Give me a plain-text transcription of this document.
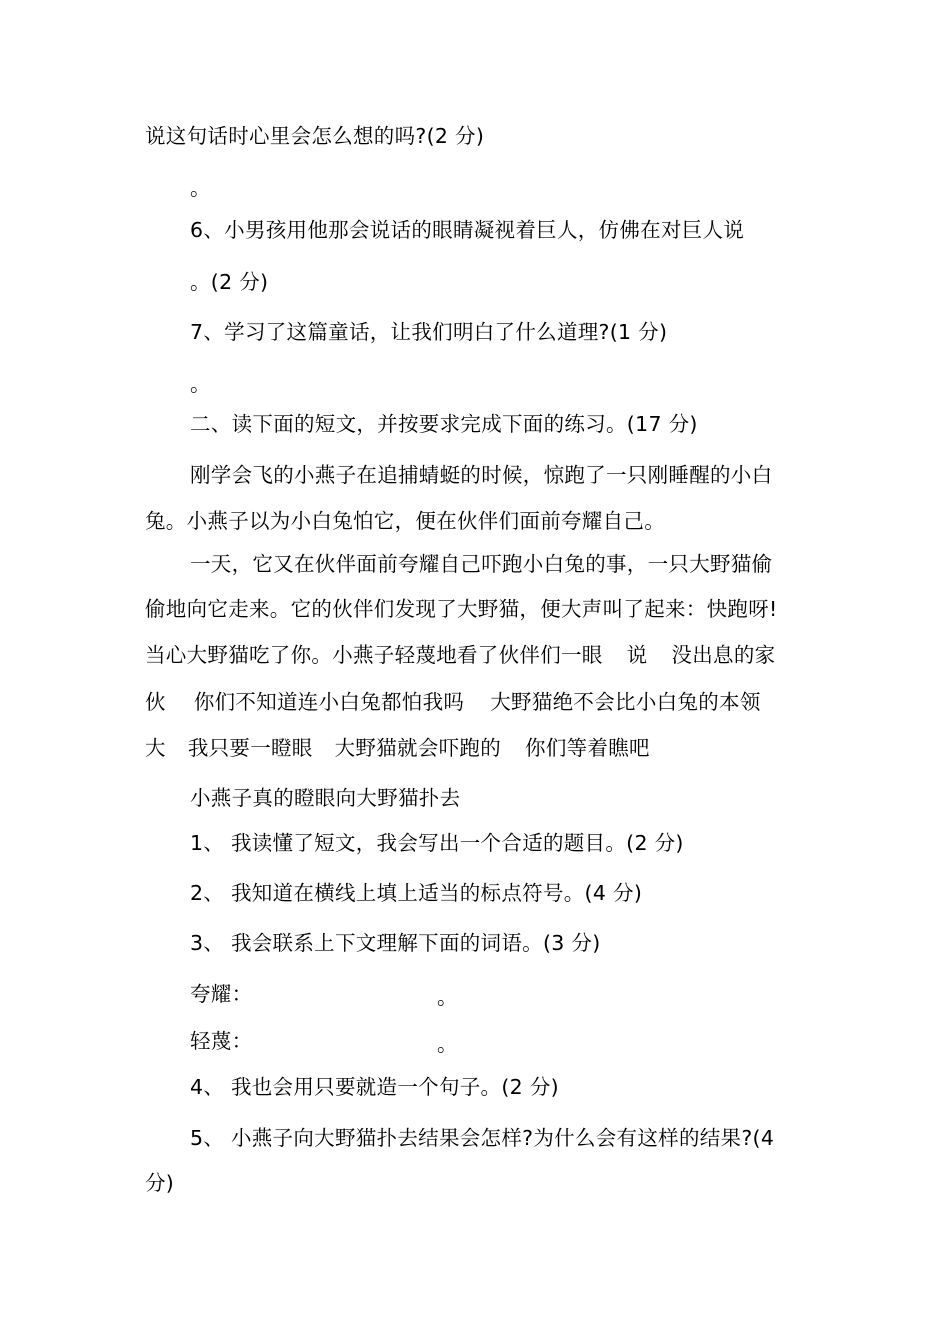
说这句话时心里会怎么想的吗?(2 分)
。
6、小男孩用他那会说话的眼睛凝视着巨人，仿佛在对巨人说
。(2 分)
7、学习了这篇童话，让我们明白了什么道理?(1 分)
。
二、读下面的短文，并按要求完成下面的练习。(17 分)
刚学会飞的小燕子在追捕蜻蜓的时候，惊跑了一只刚睡醒的小白
兔。小燕子以为小白兔怕它，便在伙伴们面前夸耀自己。
一天，它又在伙伴面前夸耀自己吓跑小白兔的事，一只大野猫偷
偷地向它走来。它的伙伴们发现了大野猫，便大声叫了起来：快跑呀!
当心大野猫吃了你。小燕子轻蔑地看了伙伴们一眼 说 没出息的家
伙 你们不知道连小白兔都怕我吗 大野猫绝不会比小白兔的本领
大 我只要一瞪眼 大野猫就会吓跑的 你们等着瞧吧
小燕子真的瞪眼向大野猫扑去
1、 我读懂了短文，我会写出一个合适的题目。(2 分)
2、 我知道在横线上填上适当的标点符号。(4 分)
3、 我会联系上下文理解下面的词语。(3 分)
夸耀：	。
轻蔑：	。
4、 我也会用只要就造一个句子。(2 分)
5、 小燕子向大野猫扑去结果会怎样?为什么会有这样的结果?(4
分)
